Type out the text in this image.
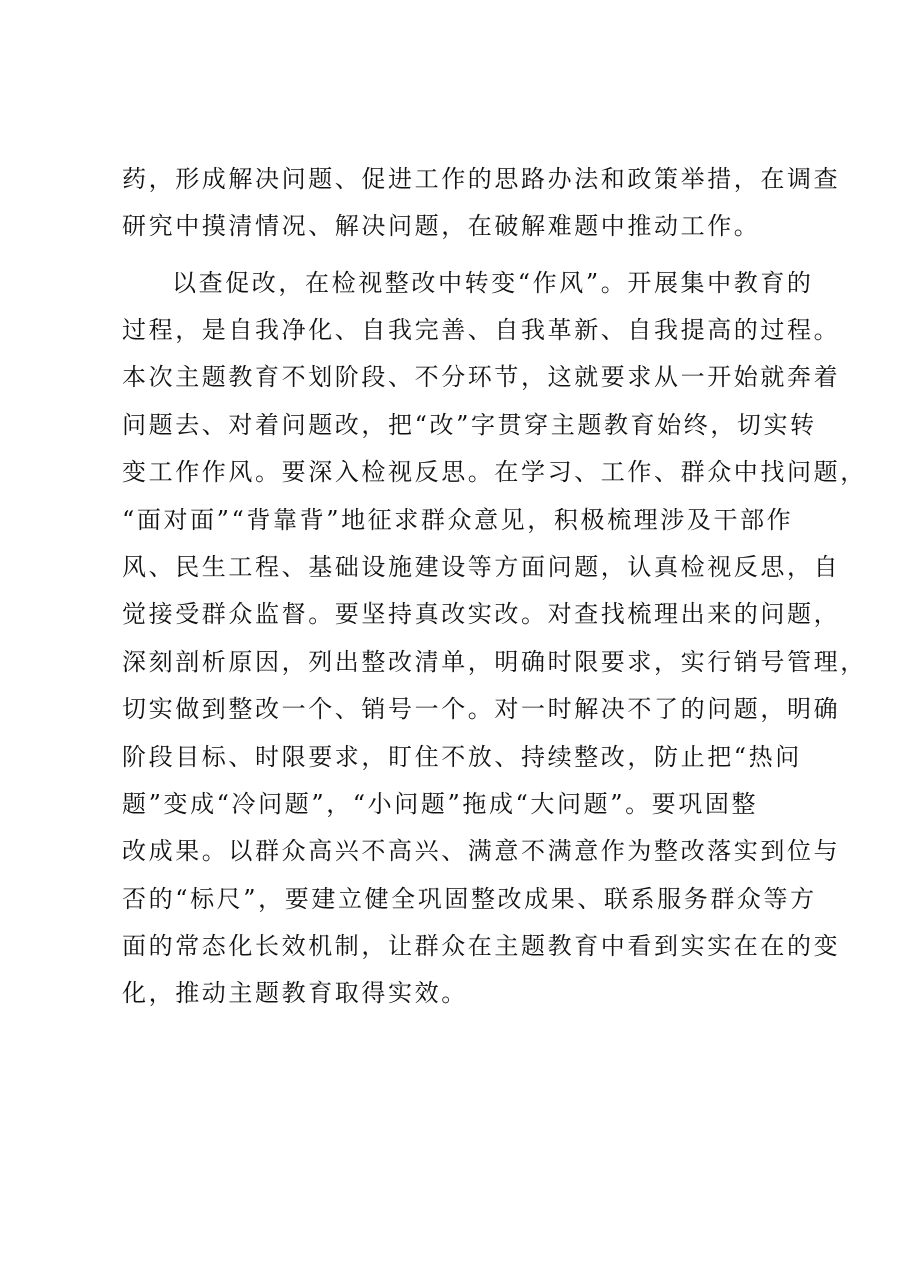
药，形成解决问题、促进工作的思路办法和政策举措，在调查
研究中摸清情况、解决问题，在破解难题中推动工作。
以查促改，在检视整改中转变“作风”。开展集中教育的
过程，是自我净化、自我完善、自我革新、自我提高的过程。
本次主题教育不划阶段、不分环节，这就要求从一开始就奔着
问题去、对着问题改，把“改”字贯穿主题教育始终，切实转
变工作作风。要深入检视反思。在学习、工作、群众中找问题，
“面对面”“背靠背”地征求群众意见，积极梳理涉及干部作
风、民生工程、基础设施建设等方面问题，认真检视反思，自
觉接受群众监督。要坚持真改实改。对查找梳理出来的问题，
深刻剖析原因，列出整改清单，明确时限要求，实行销号管理，
切实做到整改一个、销号一个。对一时解决不了的问题，明确
阶段目标、时限要求，盯住不放、持续整改，防止把“热问
题”变成“冷问题”，“小问题”拖成“大问题”。要巩固整
改成果。以群众高兴不高兴、满意不满意作为整改落实到位与
否的“标尺”，要建立健全巩固整改成果、联系服务群众等方
面的常态化长效机制，让群众在主题教育中看到实实在在的变
化，推动主题教育取得实效。
